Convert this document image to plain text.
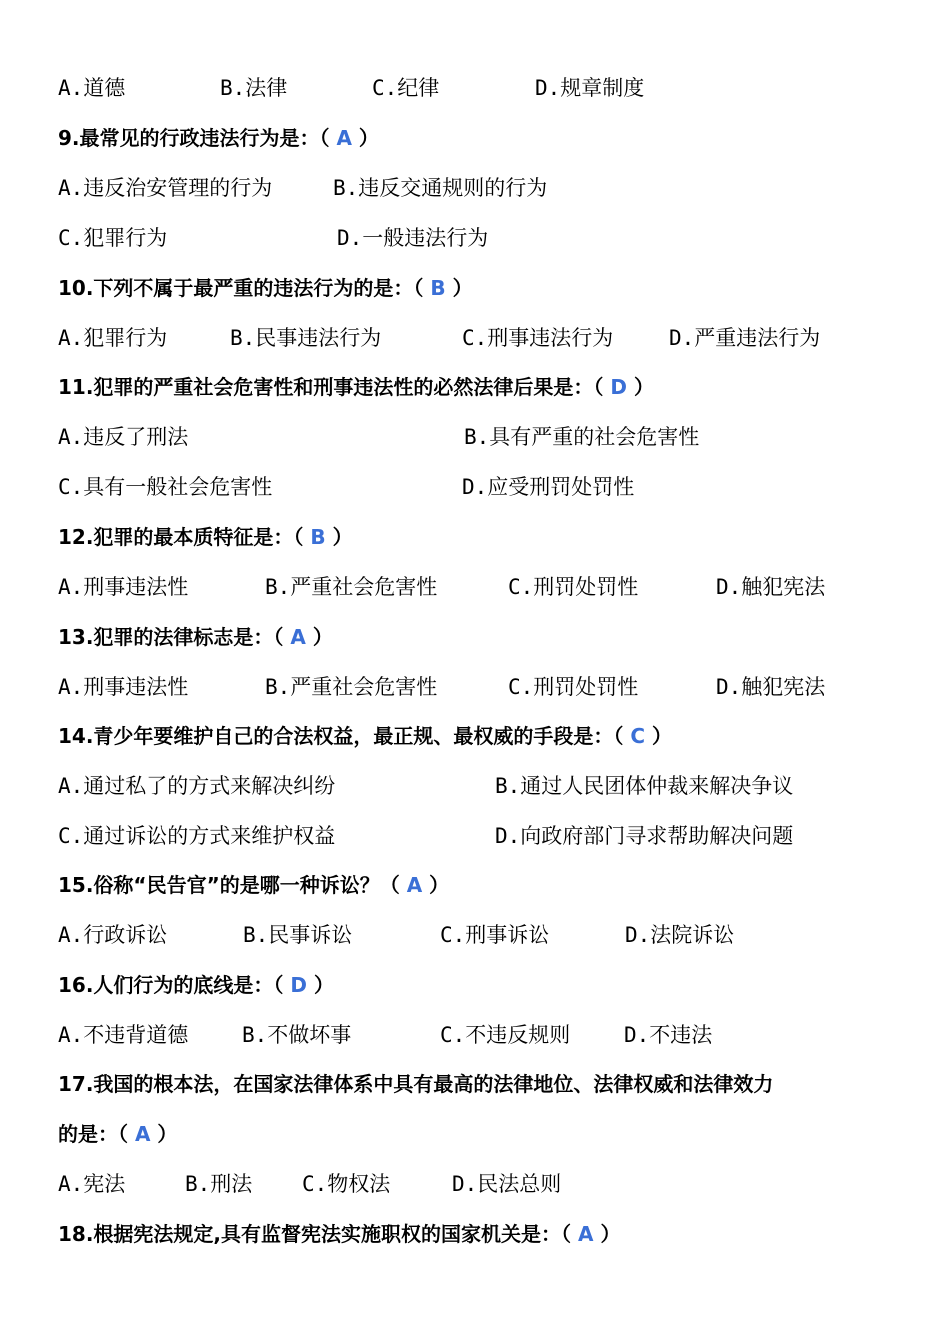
A.道德	B.法律	C.纪律	D.规章制度
9.最常见的行政违法行为是：（ A ）
A.违反治安管理的行为	B.违反交通规则的行为
C.犯罪行为	D.一般违法行为
10.下列不属于最严重的违法行为的是：（ B ）
A.犯罪行为	B.民事违法行为	C.刑事违法行为	D.严重违法行为
11.犯罪的严重社会危害性和刑事违法性的必然法律后果是：（ D ）
A.违反了刑法	B.具有严重的社会危害性
C.具有一般社会危害性	D.应受刑罚处罚性
12.犯罪的最本质特征是：（ B ）
A.刑事违法性	B.严重社会危害性	C.刑罚处罚性	D.触犯宪法
13.犯罪的法律标志是：（ A ）
A.刑事违法性	B.严重社会危害性	C.刑罚处罚性	D.触犯宪法
14.青少年要维护自己的合法权益，最正规、最权威的手段是：（ C ）
A.通过私了的方式来解决纠纷	B.通过人民团体仲裁来解决争议
C.通过诉讼的方式来维护权益	D.向政府部门寻求帮助解决问题
15.俗称“民告官”的是哪一种诉讼？（ A ）
A.行政诉讼	B.民事诉讼	C.刑事诉讼	D.法院诉讼
16.人们行为的底线是：（ D ）
A.不违背道德	B.不做坏事	C.不违反规则	D.不违法
17.我国的根本法，在国家法律体系中具有最高的法律地位、法律权威和法律效力
的是：（ A ）
A.宪法	B.刑法 C.物权法	D.民法总则
18.根据宪法规定,具有监督宪法实施职权的国家机关是：（ A ）
